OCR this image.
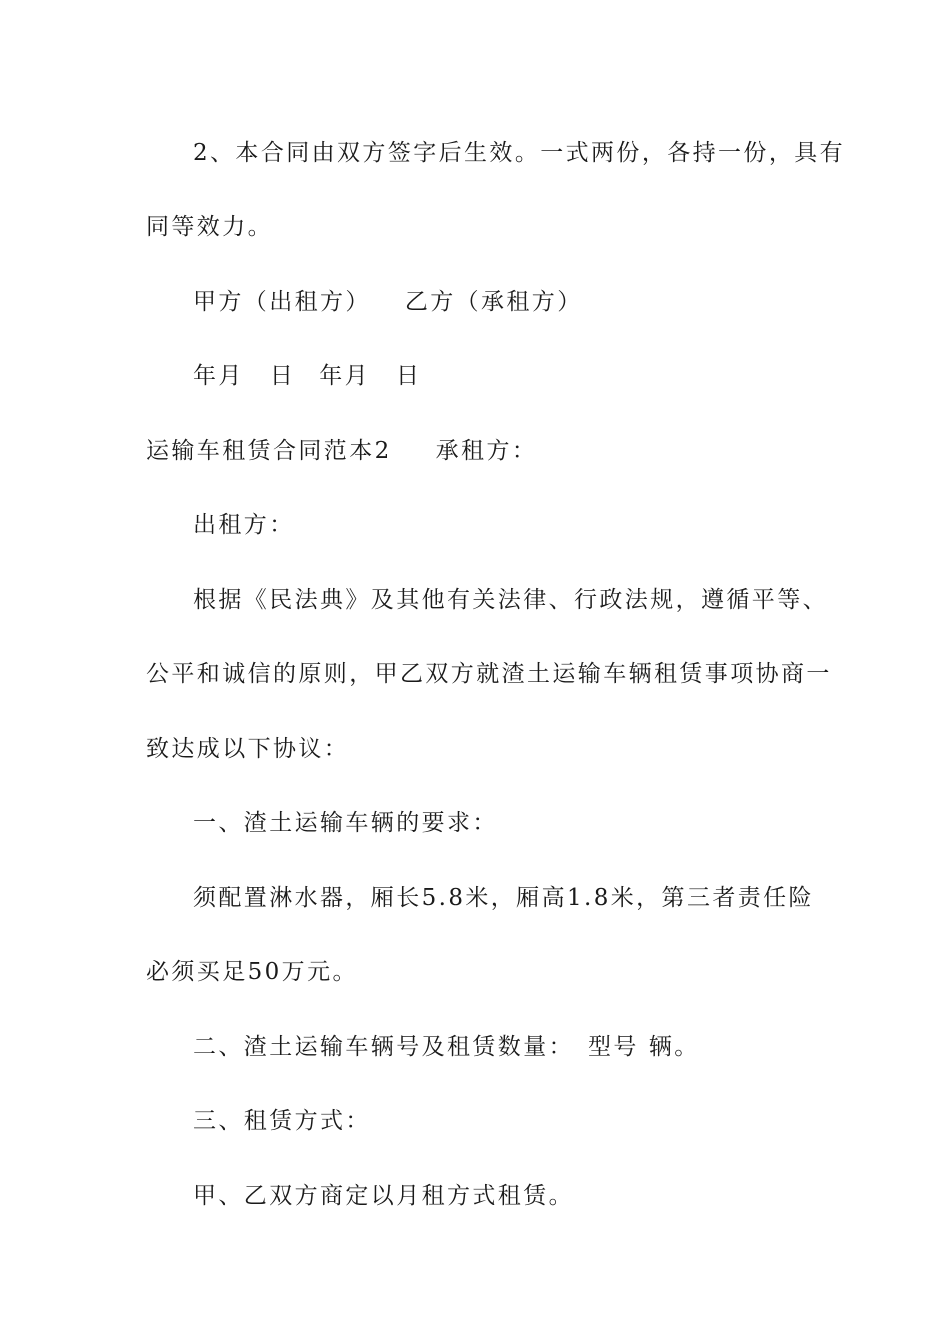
2、本合同由双方签字后生效。一式两份，各持一份，具有
同等效力。
甲方（出租方） 乙方（承租方）
年月 日 年月 日
运输车租赁合同范本2 承租方：
出租方：
根据《民法典》及其他有关法律、行政法规，遵循平等、
公平和诚信的原则，甲乙双方就渣土运输车辆租赁事项协商一
致达成以下协议：
一、渣土运输车辆的要求：
须配置淋水器，厢长5.8米，厢高1.8米，第三者责任险
必须买足50万元。
二、渣土运输车辆号及租赁数量： 型号 辆。
三、租赁方式：
甲、乙双方商定以月租方式租赁。
